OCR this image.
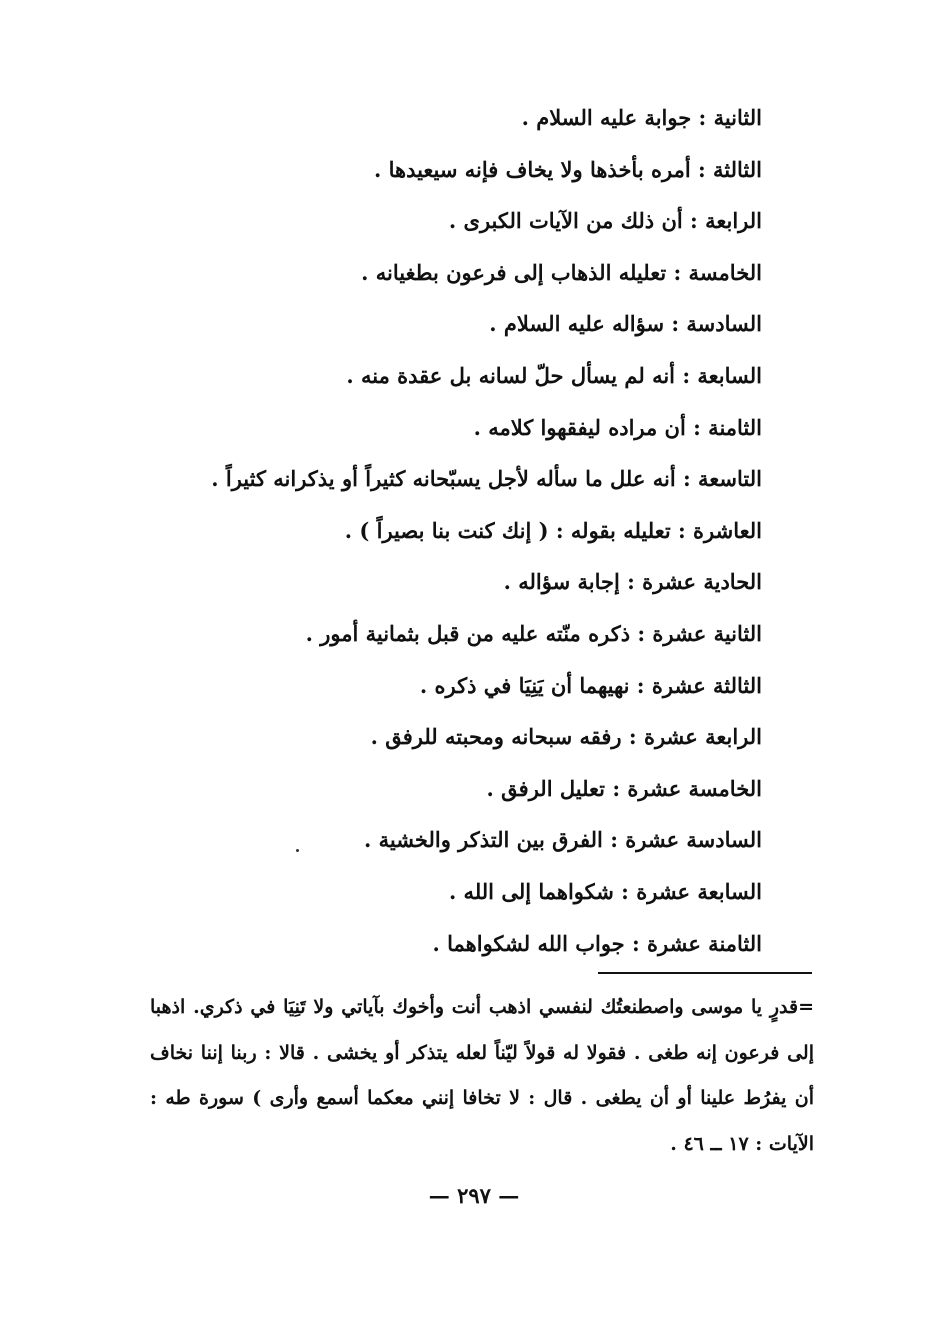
الثانية : جوابة عليه السلام .
الثالثة : أمره بأخذها ولا يخاف فإنه سيعيدها .
الرابعة : أن ذلك من الآيات الكبرى .
الخامسة : تعليله الذهاب إلى فرعون بطغيانه .
السادسة : سؤاله عليه السلام .
السابعة : أنه لم يسأل حلّ لسانه بل عقدة منه .
الثامنة : أن مراده ليفقهوا كلامه .
التاسعة : أنه علل ما سأله لأجل يسبّحانه كثيراً أو يذكرانه كثيراً .
العاشرة : تعليله بقوله : ( إنك كنت بنا بصيراً ) .
الحادية عشرة : إجابة سؤاله .
الثانية عشرة : ذكره منّته عليه من قبل بثمانية أمور .
الثالثة عشرة : نهيهما أن يَنِيَا في ذكره .
الرابعة عشرة : رفقه سبحانه ومحبته للرفق .
الخامسة عشرة : تعليل الرفق .
السادسة عشرة : الفرق بين التذكر والخشية .
السابعة عشرة : شكواهما إلى الله .
الثامنة عشرة : جواب الله لشكواهما .

=قدرٍ يا موسى واصطنعتُك لنفسي اذهب أنت وأخوك بآياتي ولا تَنِيَا في ذكري. اذهبا إلى فرعون إنه طغى . فقولا له قولاً ليّناً لعله يتذكر أو يخشى . قالا : ربنا إننا نخاف أن يفرُط علينا أو أن يطغى . قال : لا تخافا إنني معكما أسمع وأرى ) سورة طه : الآيات : ١٧ ــ ٤٦ .

— ٢٩٧ —
